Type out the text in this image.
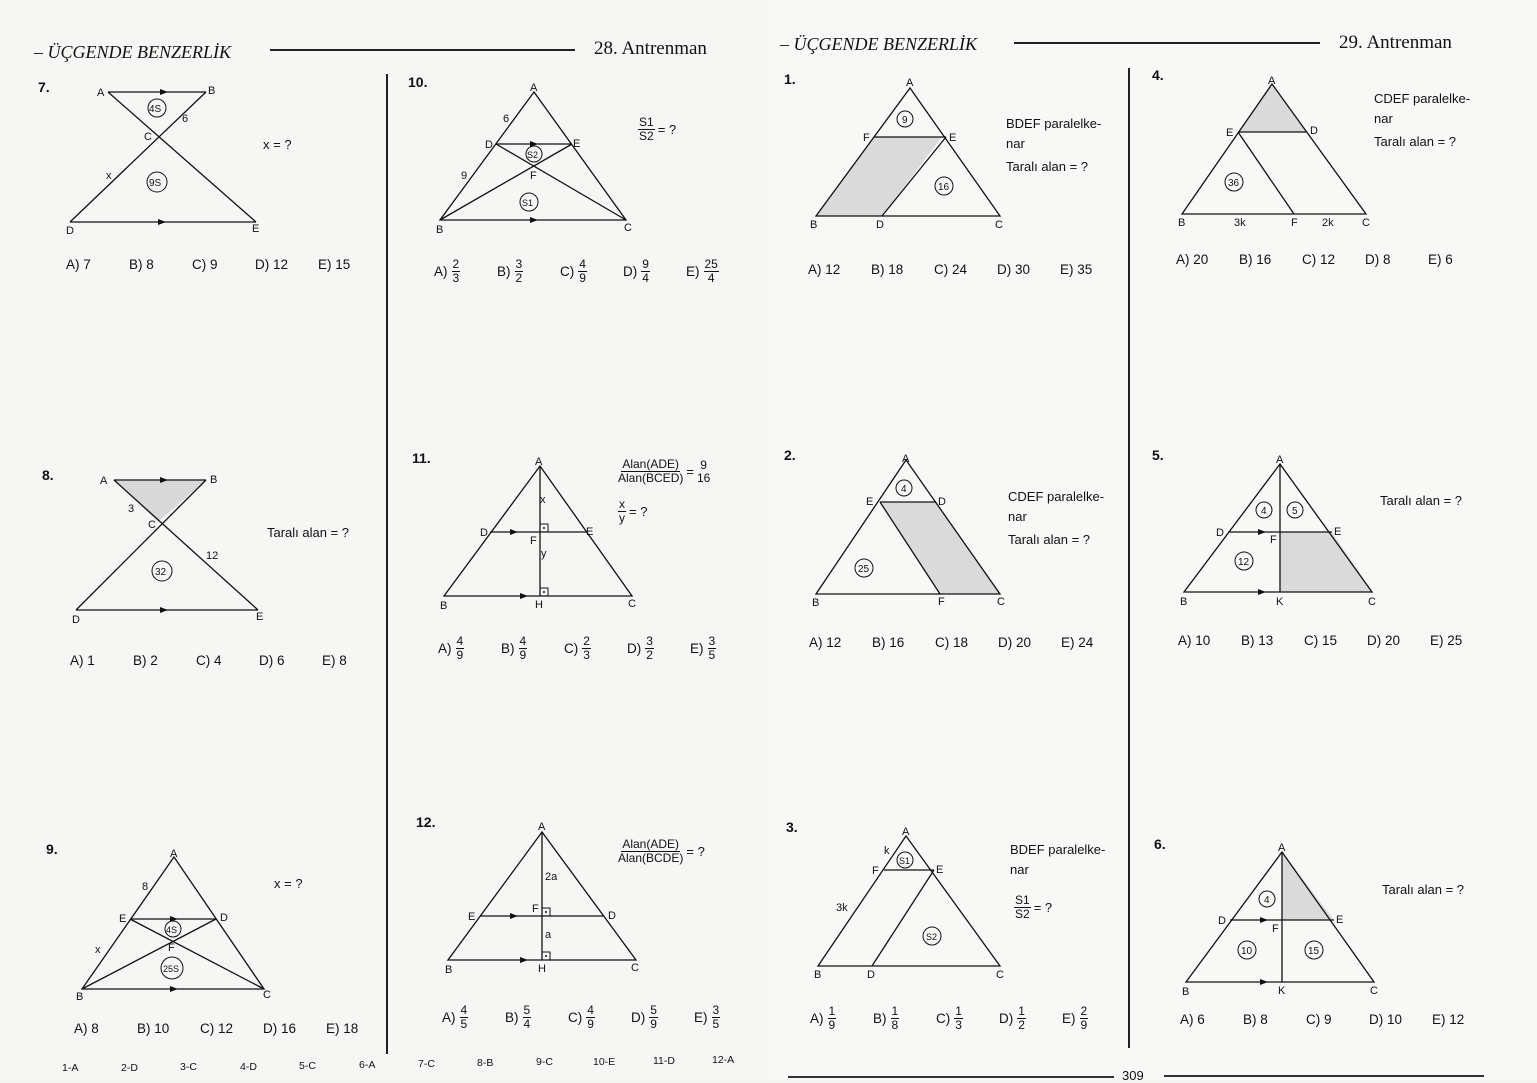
– ÜÇGENDE BENZERLİK	28. Antrenman
7.	A	B
C
D	E
x
6
4S
9S
x = ?
A) 7	B) 8	C) 9	D) 12	E) 15
8.	A	B
C
D	E
3
12
32
Taralı alan = ?
A) 1	B) 2	C) 4	D) 6	E) 8
9.	A
B	C
D
E
F
8
x
4S
25S
x = ?
A) 8	B) 10	C) 12	D) 16	E) 18
10.	A
B	C
D	E
F
6
9
S2
S1
$\frac{S1}{S2}$ = ?
$A) \frac{2}{3}$	$B) \frac{3}{2}$	$C) \frac{4}{9}$	$D) \frac{9}{4}$	$E) \frac{25}{4}$
11.	A
B	C
D	E
F
H
x
y
$\frac{\text{Alan(ADE)}}{\text{Alan(BCED)}} = 9$
16
$\frac{x}{y}$ = ?
$A) \frac{4}{9}$	$B) \frac{4}{9}$	$C) \frac{2}{3}$	$D) \frac{3}{2}$	$E) \frac{3}{5}$
12.	A
B	C
D
E
F
H
2a
a
$\frac{\text{Alan(ADE)}}{\text{Alan(BCDE)}}$ = ?
$A) \frac{4}{5}$	$B) \frac{5}{4}$	$C) \frac{4}{9}$	$D) \frac{5}{9}$	$E) \frac{3}{5}$
1-A	2-D	3-C	4-D	5-C	6-A	7-C	8-B	9-C	10-E	11-D	12-A
– ÜÇGENDE BENZERLİK	29. Antrenman
1.	A
B	C
D
E
F
9
16
BDEF paralelke-
nar
Taralı alan = ?
A) 12	B) 18	C) 24	D) 30	E) 35
2.	A
B	C
D
E
F
4
25
CDEF paralelke-
nar
Taralı alan = ?
A) 12	B) 16	C) 18	D) 20	E) 24
3.	A
B	C
D
E
F
k
3k
S1
S2
BDEF paralelke-
nar
$\frac{S1}{S2}$ = ?
$A) \frac{1}{9}$	$B) \frac{1}{8}$	$C) \frac{1}{3}$	$D) \frac{1}{2}$	$E) \frac{2}{9}$
4.	A
B	C
D
E
F
3k	2k
36
CDEF paralelke-
nar
Taralı alan = ?
A) 20	B) 16	C) 12	D) 8	E) 6
5.	A
B	C
D	E
F
K
4	5
12
Taralı alan = ?
A) 10	B) 13	C) 15	D) 20	E) 25
6.	A
B	C
D	E
F
K
4
10	15
Taralı alan = ?
A) 6	B) 8	C) 9	D) 10	E) 12
309
